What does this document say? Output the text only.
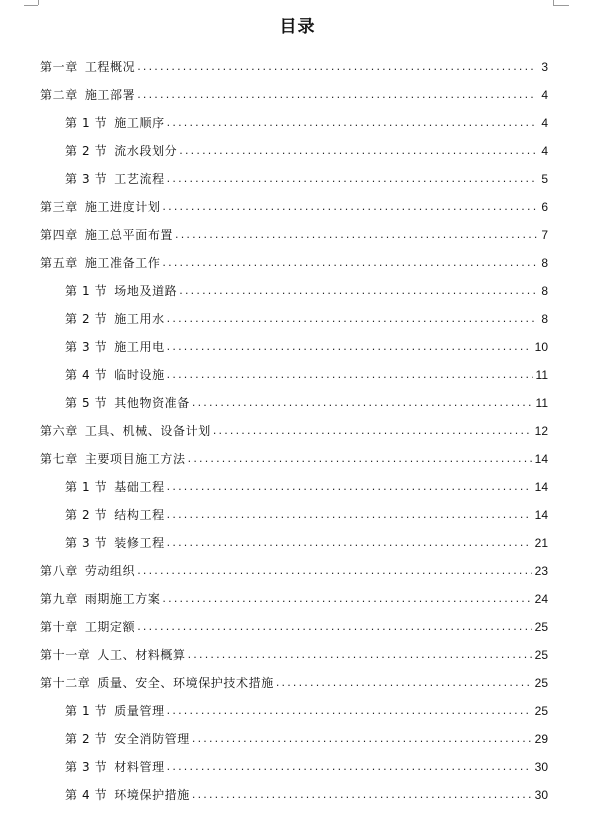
目录
第一章 工程概况 .....	3
第二章 施工部署 .....	4
第 1 节 施工顺序 .....	4
第 2 节 流水段划分 .....	4
第 3 节 工艺流程 .....	5
第三章 施工进度计划 .....	6
第四章 施工总平面布置 .....	7
第五章 施工准备工作 .....	8
第 1 节 场地及道路 .....	8
第 2 节 施工用水 .....	8
第 3 节 施工用电 .....	10
第 4 节 临时设施 .....	11
第 5 节 其他物资准备 .....	11
第六章 工具、机械、设备计划 .....	12
第七章 主要项目施工方法 .....	14
第 1 节 基础工程 .....	14
第 2 节 结构工程 .....	14
第 3 节 装修工程 .....	21
第八章 劳动组织 .....	23
第九章 雨期施工方案 .....	24
第十章 工期定额 .....	25
第十一章 人工、材料概算 .....	25
第十二章 质量、安全、环境保护技术措施 .....	25
第 1 节 质量管理 .....	25
第 2 节 安全消防管理 .....	29
第 3 节 材料管理 .....	30
第 4 节 环境保护措施 .....	30
